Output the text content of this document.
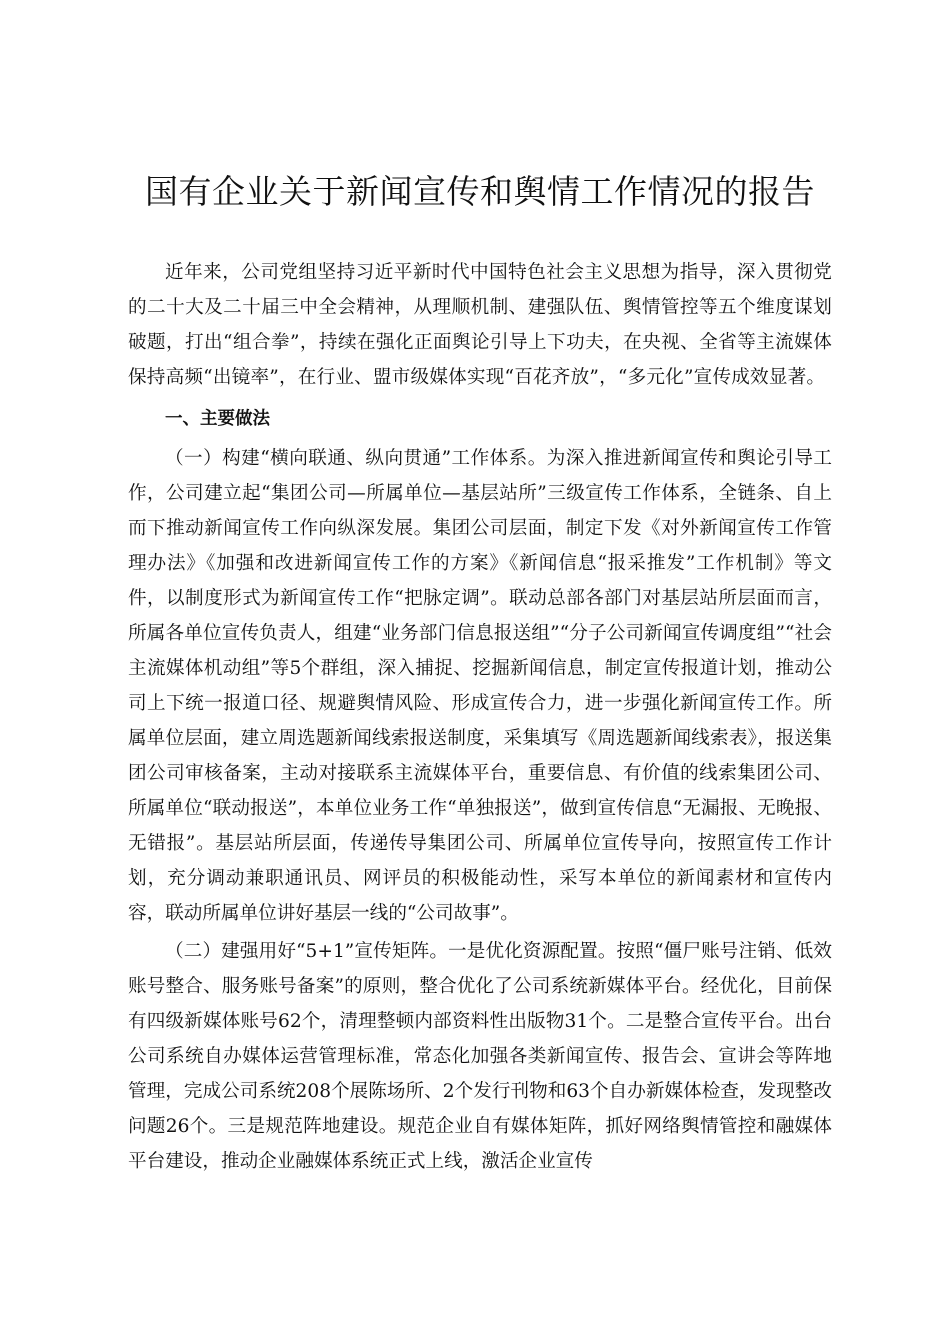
国有企业关于新闻宣传和舆情工作情况的报告

近年来，公司党组坚持习近平新时代中国特色社会主义思想为指导，深入贯彻党的二十大及二十届三中全会精神，从理顺机制、建强队伍、舆情管控等五个维度谋划破题，打出“组合拳”，持续在强化正面舆论引导上下功夫，在央视、全省等主流媒体保持高频“出镜率”，在行业、盟市级媒体实现“百花齐放”，“多元化”宣传成效显著。

一、主要做法

（一）构建“横向联通、纵向贯通”工作体系。为深入推进新闻宣传和舆论引导工作，公司建立起“集团公司—所属单位—基层站所”三级宣传工作体系，全链条、自上而下推动新闻宣传工作向纵深发展。集团公司层面，制定下发《对外新闻宣传工作管理办法》《加强和改进新闻宣传工作的方案》《新闻信息“报采推发”工作机制》等文件，以制度形式为新闻宣传工作“把脉定调”。联动总部各部门对基层站所层面而言，所属各单位宣传负责人，组建“业务部门信息报送组”“分子公司新闻宣传调度组”“社会主流媒体机动组”等5个群组，深入捕捉、挖掘新闻信息，制定宣传报道计划，推动公司上下统一报道口径、规避舆情风险、形成宣传合力，进一步强化新闻宣传工作。所属单位层面，建立周选题新闻线索报送制度，采集填写《周选题新闻线索表》，报送集团公司审核备案，主动对接联系主流媒体平台，重要信息、有价值的线索集团公司、所属单位“联动报送”，本单位业务工作“单独报送”，做到宣传信息“无漏报、无晚报、无错报”。基层站所层面，传递传导集团公司、所属单位宣传导向，按照宣传工作计划，充分调动兼职通讯员、网评员的积极能动性，采写本单位的新闻素材和宣传内容，联动所属单位讲好基层一线的“公司故事”。

（二）建强用好“5+1”宣传矩阵。一是优化资源配置。按照“僵尸账号注销、低效账号整合、服务账号备案”的原则，整合优化了公司系统新媒体平台。经优化，目前保有四级新媒体账号62个，清理整顿内部资料性出版物31个。二是整合宣传平台。出台公司系统自办媒体运营管理标准，常态化加强各类新闻宣传、报告会、宣讲会等阵地管理，完成公司系统208个展陈场所、2个发行刊物和63个自办新媒体检查，发现整改问题26个。三是规范阵地建设。规范企业自有媒体矩阵，抓好网络舆情管控和融媒体平台建设，推动企业融媒体系统正式上线，激活企业宣传
